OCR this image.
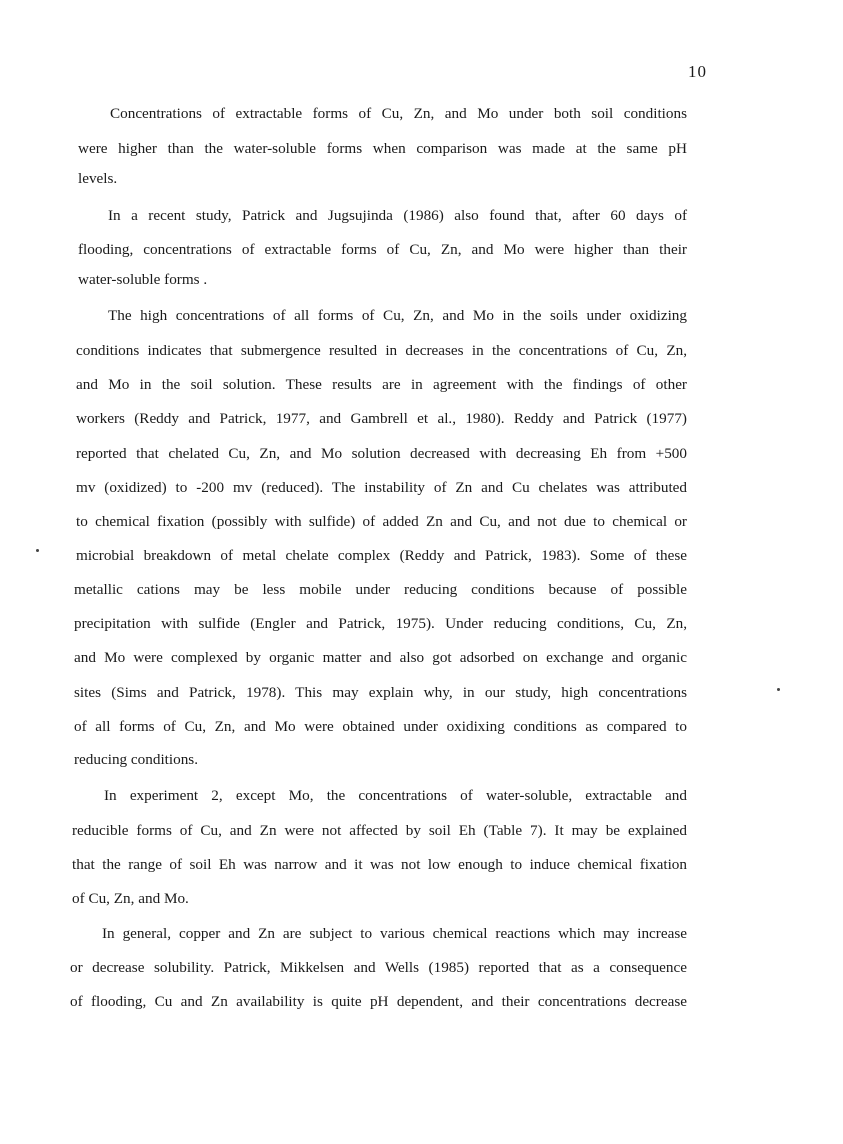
10
Concentrations of extractable forms of Cu, Zn, and Mo under both soil conditions
were higher than the water-soluble forms when comparison was made at the same pH
levels.
In a recent study, Patrick and Jugsujinda (1986) also found that, after 60 days of
flooding, concentrations of extractable forms of Cu, Zn, and Mo were higher than their
water-soluble forms .
The high concentrations of all forms of Cu, Zn, and Mo in the soils under oxidizing
conditions indicates that submergence resulted in decreases in the concentrations of Cu, Zn,
and Mo in the soil solution. These results are in agreement with the findings of other
workers (Reddy and Patrick, 1977, and Gambrell et al., 1980). Reddy and Patrick (1977)
reported that chelated Cu, Zn, and Mo solution decreased with decreasing Eh from +500
mv (oxidized) to -200 mv (reduced). The instability of Zn and Cu chelates was attributed
to chemical fixation (possibly with sulfide) of added Zn and Cu, and not due to chemical or
microbial breakdown of metal chelate complex (Reddy and Patrick, 1983). Some of these
metallic cations may be less mobile under reducing conditions because of possible
precipitation with sulfide (Engler and Patrick, 1975). Under reducing conditions, Cu, Zn,
and Mo were complexed by organic matter and also got adsorbed on exchange and organic
sites (Sims and Patrick, 1978). This may explain why, in our study, high concentrations
of all forms of Cu, Zn, and Mo were obtained under oxidixing conditions as compared to
reducing conditions.
In experiment 2, except Mo, the concentrations of water-soluble, extractable and
reducible forms of Cu, and Zn were not affected by soil Eh (Table 7). It may be explained
that the range of soil Eh was narrow and it was not low enough to induce chemical fixation
of Cu, Zn, and Mo.
In general, copper and Zn are subject to various chemical reactions which may increase
or decrease solubility. Patrick, Mikkelsen and Wells (1985) reported that as a consequence
of flooding, Cu and Zn availability is quite pH dependent, and their concentrations decrease
